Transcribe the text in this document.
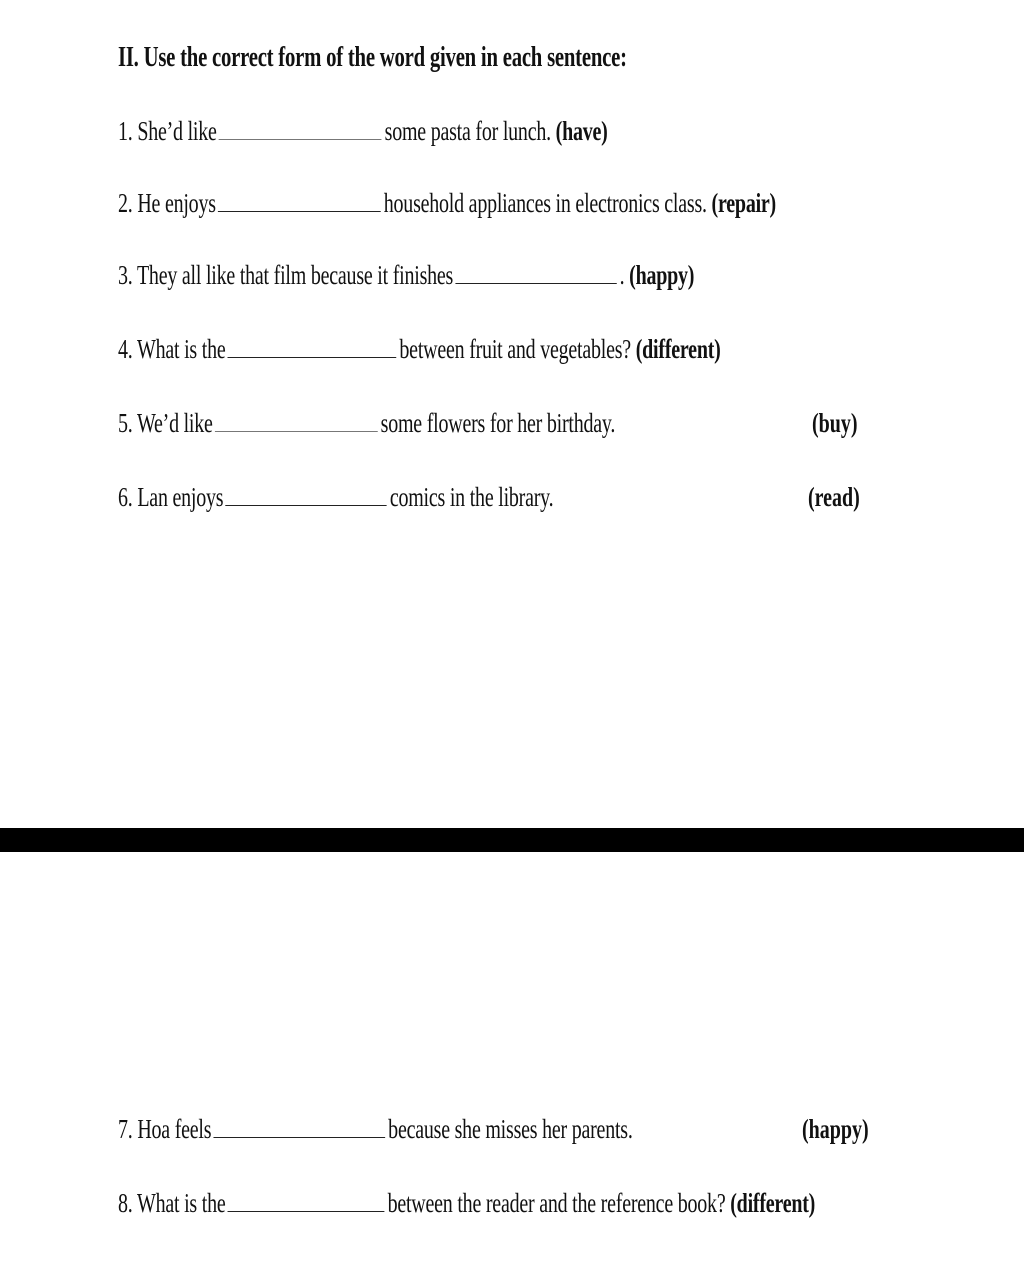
II. Use the correct form of the word given in each sentence:
1. She’d like	some pasta for lunch. (have)
2. He enjoys	household appliances in electronics class. (repair)
3. They all like that film because it finishes	. (happy)
4. What is the	between fruit and vegetables? (different)
5. We’d like	some flowers for her birthday.	(buy)
6. Lan enjoys	comics in the library.	(read)
7. Hoa feels	because she misses her parents.	(happy)
8. What is the	between the reader and the reference book? (different)
